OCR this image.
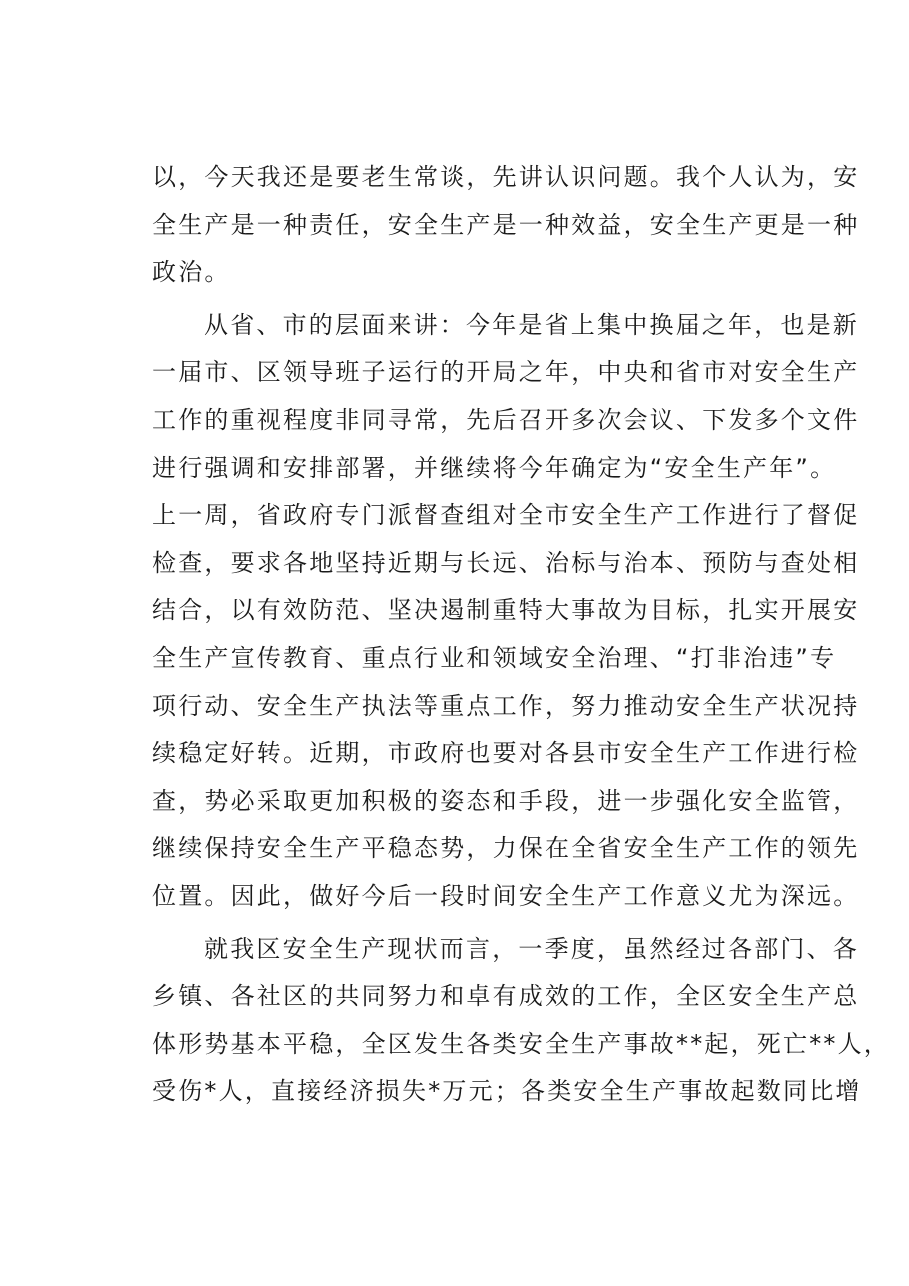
以，今天我还是要老生常谈，先讲认识问题。我个人认为，安
全生产是一种责任，安全生产是一种效益，安全生产更是一种
政治。
从省、市的层面来讲：今年是省上集中换届之年，也是新
一届市、区领导班子运行的开局之年，中央和省市对安全生产
工作的重视程度非同寻常，先后召开多次会议、下发多个文件
进行强调和安排部署，并继续将今年确定为“安全生产年”。
上一周，省政府专门派督查组对全市安全生产工作进行了督促
检查，要求各地坚持近期与长远、治标与治本、预防与查处相
结合，以有效防范、坚决遏制重特大事故为目标，扎实开展安
全生产宣传教育、重点行业和领域安全治理、“打非治违”专
项行动、安全生产执法等重点工作，努力推动安全生产状况持
续稳定好转。近期，市政府也要对各县市安全生产工作进行检
查，势必采取更加积极的姿态和手段，进一步强化安全监管，
继续保持安全生产平稳态势，力保在全省安全生产工作的领先
位置。因此，做好今后一段时间安全生产工作意义尤为深远。
就我区安全生产现状而言，一季度，虽然经过各部门、各
乡镇、各社区的共同努力和卓有成效的工作，全区安全生产总
体形势基本平稳，全区发生各类安全生产事故**起，死亡**人，
受伤*人，直接经济损失*万元；各类安全生产事故起数同比增
